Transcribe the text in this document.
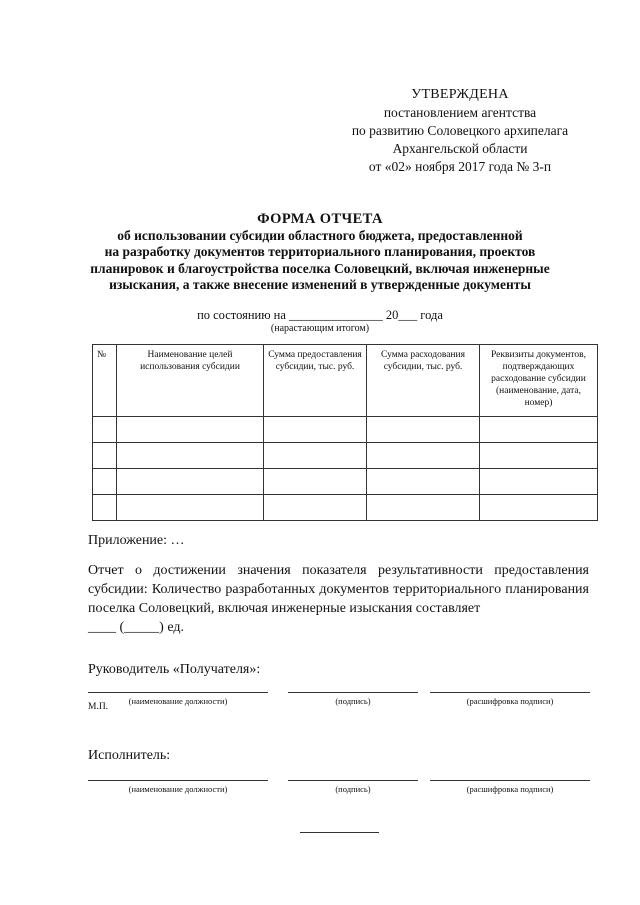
УТВЕРЖДЕНА
постановлением агентства
по развитию Соловецкого архипелага
Архангельской области
от «02» ноября 2017 года № 3-п
ФОРМА ОТЧЕТА
об использовании субсидии областного бюджета, предоставленной
на разработку документов территориального планирования, проектов
планировок и благоустройства поселка Соловецкий, включая инженерные
изыскания, а также внесение изменений в утвержденные документы
по состоянию на _______________ 20___ года
(нарастающим итогом)
№	Наименование целей использования субсидии	Сумма предоставления субсидии, тыс. руб.	Сумма расходования субсидии, тыс. руб.	Реквизиты документов, подтверждающих расходование субсидии (наименование, дата, номер)

Приложение: …
Отчет о достижении значения показателя результативности предоставления субсидии: Количество разработанных документов территориального планирования поселка Соловецкий, включая инженерные изыскания составляет
____ (_____) ед.
Руководитель «Получателя»:
(наименование должности)	(подпись)	(расшифровка подписи)
М.П.
Исполнитель:
(наименование должности)	(подпись)	(расшифровка подписи)
